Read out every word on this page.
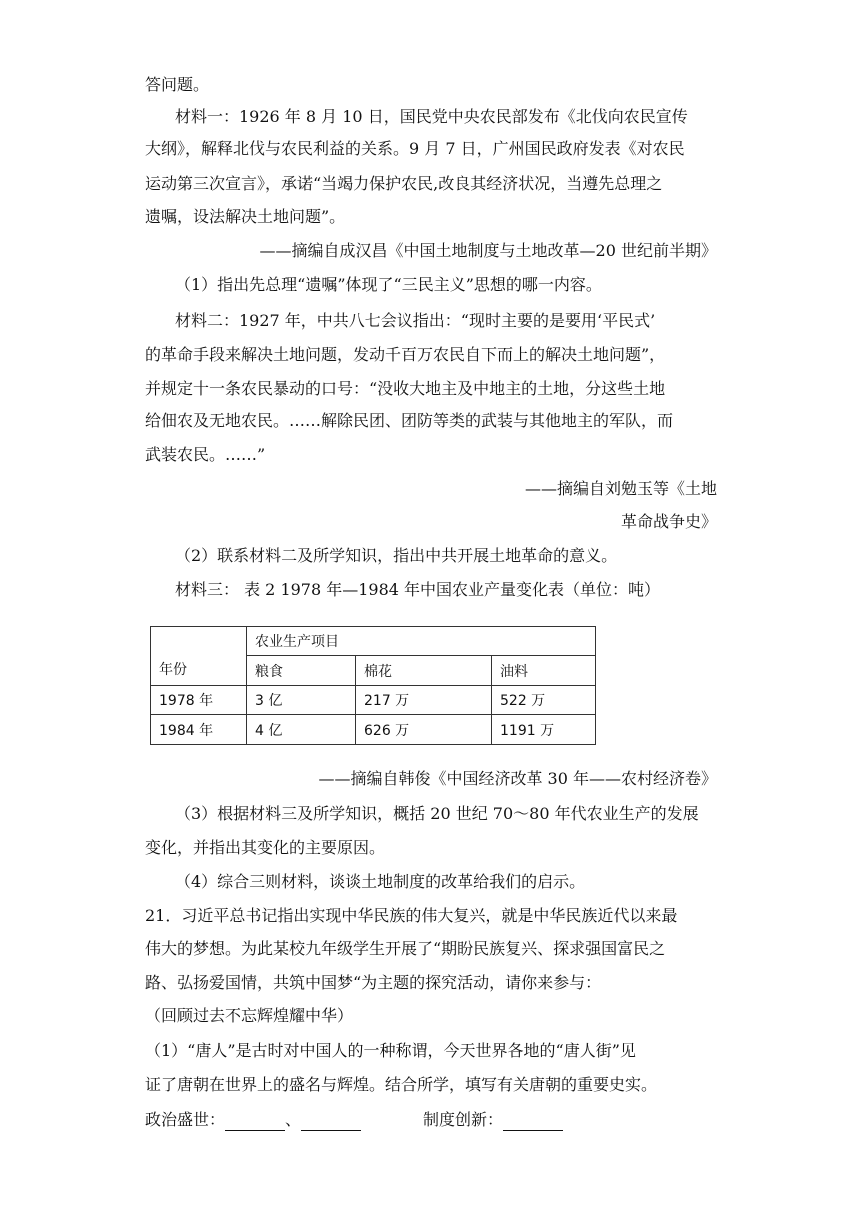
答问题。
材料一：1926 年 8 月 10 日，国民党中央农民部发布《北伐向农民宣传
大纲》，解释北伐与农民利益的关系。9 月 7 日，广州国民政府发表《对农民
运动第三次宣言》，承诺“当竭力保护农民,改良其经济状况，当遵先总理之
遗嘱，设法解决土地问题”。
——摘编自成汉昌《中国土地制度与土地改革—20 世纪前半期》
（1）指出先总理“遗嘱”体现了“三民主义”思想的哪一内容。
材料二：1927 年，中共八七会议指出：“现时主要的是要用‘平民式’
的革命手段来解决土地问题，发动千百万农民自下而上的解决土地问题”，
并规定十一条农民暴动的口号：“没收大地主及中地主的土地，分这些土地
给佃农及无地农民。……解除民团、团防等类的武装与其他地主的军队，而
武装农民。……”
——摘编自刘勉玉等《土地
革命战争史》
（2）联系材料二及所学知识，指出中共开展土地革命的意义。
材料三： 表 2 1978 年—1984 年中国农业产量变化表（单位：吨）
年份	农业生产项目		
	粮食	棉花	油料
1978 年	3 亿	217 万	522 万
1984 年	4 亿	626 万	1191 万
——摘编自韩俊《中国经济改革 30 年——农村经济卷》
（3）根据材料三及所学知识，概括 20 世纪 70～80 年代农业生产的发展
变化，并指出其变化的主要原因。
（4）综合三则材料，谈谈土地制度的改革给我们的启示。
21．习近平总书记指出实现中华民族的伟大复兴，就是中华民族近代以来最
伟大的梦想。为此某校九年级学生开展了“期盼民族复兴、探求强国富民之
路、弘扬爱国情，共筑中国梦“为主题的探究活动，请你来参与：
（回顾过去不忘辉煌耀中华）
（1）“唐人”是古时对中国人的一种称谓，今天世界各地的“唐人街”见
证了唐朝在世界上的盛名与辉煌。结合所学，填写有关唐朝的重要史实。
政治盛世：	、	制度创新：
